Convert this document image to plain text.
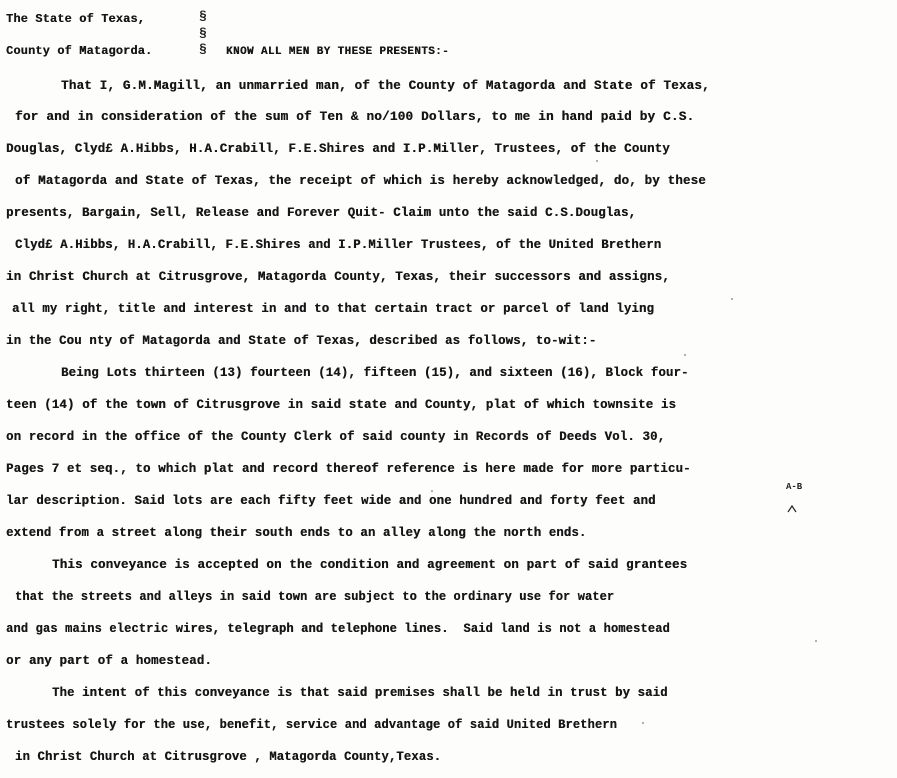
The State of Texas,
County of Matagorda.
§
§
§ KNOW ALL MEN BY THESE PRESENTS:-
That I, G.M.Magill, an unmarried man, of the County of Matagorda and State of Texas,
for and in consideration of the sum of Ten & no/100 Dollars, to me in hand paid by C.S.
Douglas, Clyd£ A.Hibbs, H.A.Crabill, F.E.Shires and I.P.Miller, Trustees, of the County
of Matagorda and State of Texas, the receipt of which is hereby acknowledged, do, by these
presents, Bargain, Sell, Release and Forever Quit- Claim unto the said C.S.Douglas,
Clyd£ A.Hibbs, H.A.Crabill, F.E.Shires and I.P.Miller Trustees, of the United Brethern
in Christ Church at Citrusgrove, Matagorda County, Texas, their successors and assigns,
all my right, title and interest in and to that certain tract or parcel of land lying
in the Cou nty of Matagorda and State of Texas, described as follows, to-wit:-
Being Lots thirteen (13) fourteen (14), fifteen (15), and sixteen (16), Block four-
teen (14) of the town of Citrusgrove in said state and County, plat of which townsite is
on record in the office of the County Clerk of said county in Records of Deeds Vol. 30,
Pages 7 et seq., to which plat and record thereof reference is here made for more particu-
lar description. Said lots are each fifty feet wide and one hundred and forty feet and
extend from a street along their south ends to an alley along the north ends.
This conveyance is accepted on the condition and agreement on part of said grantees
that the streets and alleys in said town are subject to the ordinary use for water
and gas mains electric wires, telegraph and telephone lines.  Said land is not a homestead
or any part of a homestead.
The intent of this conveyance is that said premises shall be held in trust by said
trustees solely for the use, benefit, service and advantage of said United Brethern
in Christ Church at Citrusgrove , Matagorda County,Texas.
A-B
